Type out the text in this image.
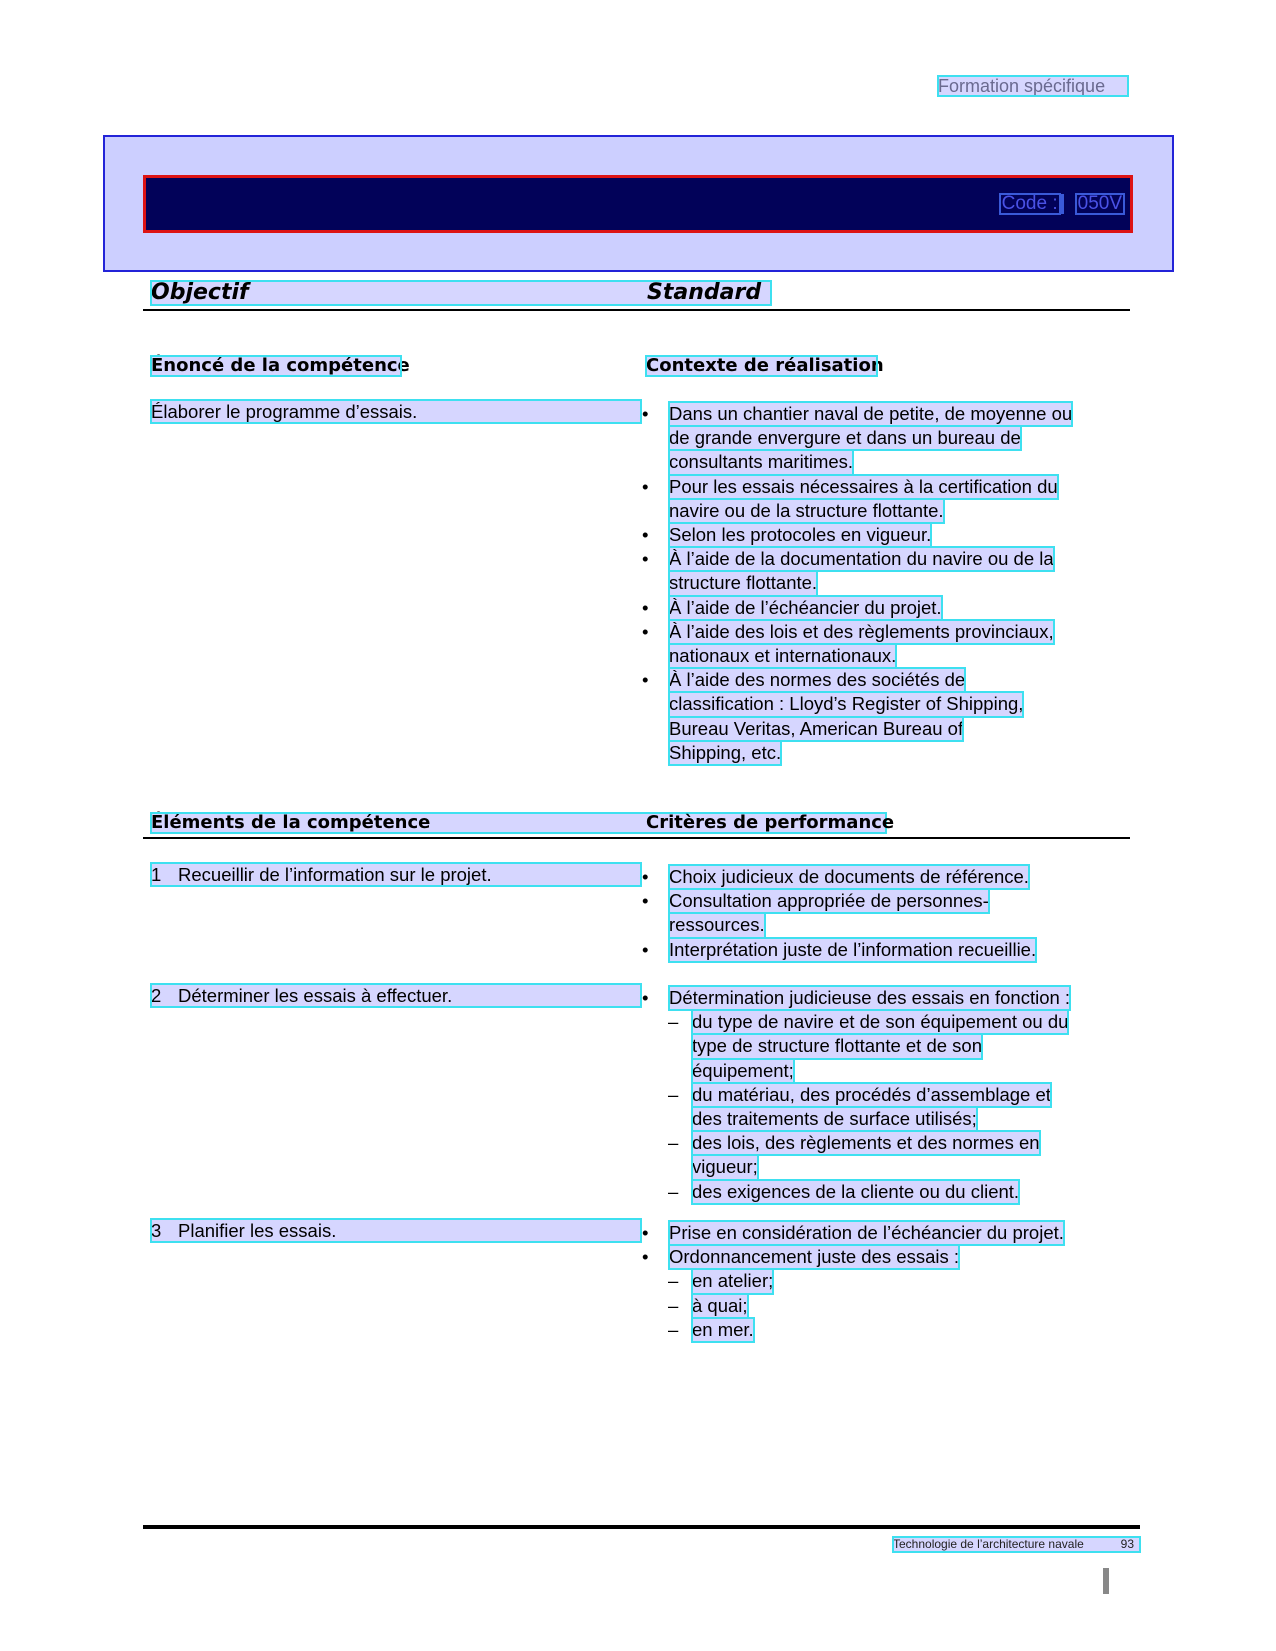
Formation spécifique
Code : 050V
Objectif	Standard
Énoncé de la compétence	Contexte de réalisation
Élaborer le programme d’essais.	•	Dans un chantier naval de petite, de moyenne ou
de grande envergure et dans un bureau de
consultants maritimes.
•	Pour les essais nécessaires à la certification du
navire ou de la structure flottante.
•	Selon les protocoles en vigueur.
•	À l’aide de la documentation du navire ou de la
structure flottante.
•	À l’aide de l’échéancier du projet.
•	À l’aide des lois et des règlements provinciaux,
nationaux et internationaux.
•	À l’aide des normes des sociétés de
classification : Lloyd’s Register of Shipping,
Bureau Veritas, American Bureau of
Shipping, etc.
Éléments de la compétence	Critères de performance
1 Recueillir de l’information sur le projet.	•	Choix judicieux de documents de référence.
•	Consultation appropriée de personnes-
ressources.
•	Interprétation juste de l’information recueillie.
2 Déterminer les essais à effectuer.	•	Détermination judicieuse des essais en fonction :
– du type de navire et de son équipement ou du
type de structure flottante et de son
équipement;
– du matériau, des procédés d’assemblage et
des traitements de surface utilisés;
– des lois, des règlements et des normes en
vigueur;
– des exigences de la cliente ou du client.
3 Planifier les essais.	•	Prise en considération de l’échéancier du projet.
•	Ordonnancement juste des essais :
– en atelier;
– à quai;
– en mer.
Technologie de l’architecture navale	93
